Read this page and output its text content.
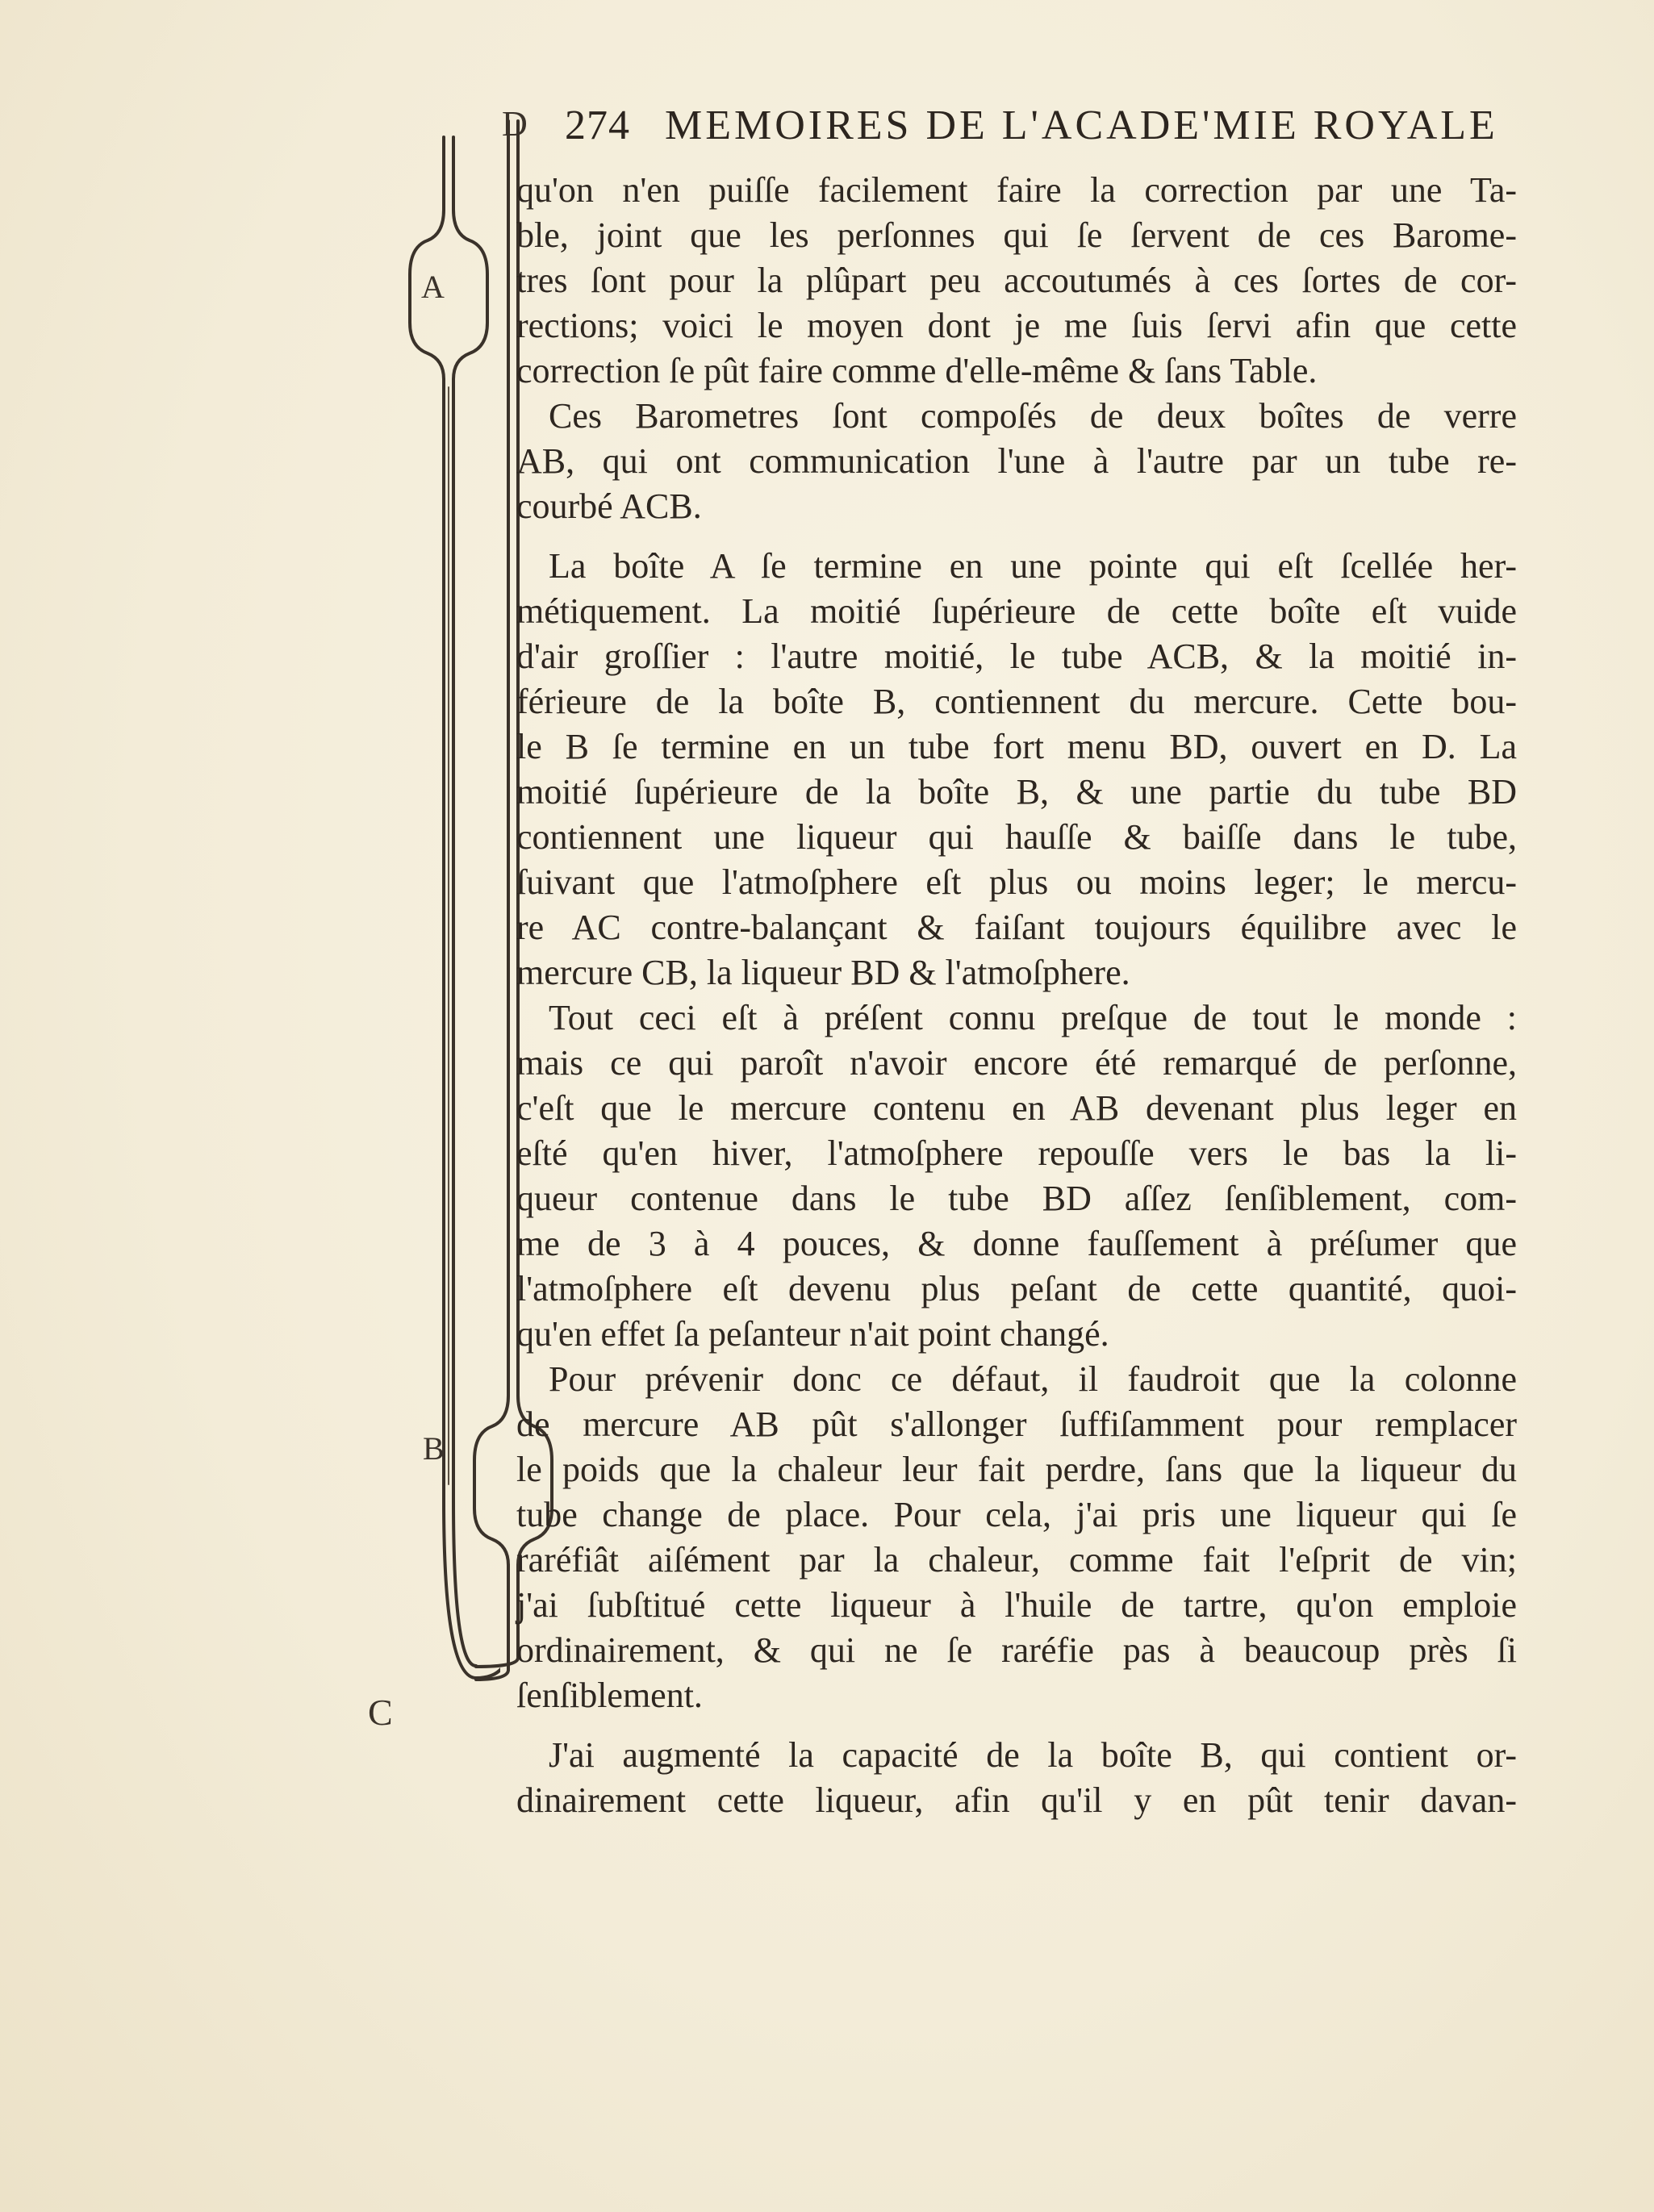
D
A
B
C
274 MEMOIRES DE L'ACADE'MIE ROYALE
qu'on n'en puiſſe facilement faire la correction par une Ta-
ble, joint que les perſonnes qui ſe ſervent de ces Barome-
tres ſont pour la plûpart peu accoutumés à ces ſortes de cor-
rections; voici le moyen dont je me ſuis ſervi afin que cette
correction ſe pût faire comme d'elle-même & ſans Table.
Ces Barometres ſont compoſés de deux boîtes de verre
AB, qui ont communication l'une à l'autre par un tube re-
courbé ACB.
La boîte A ſe termine en une pointe qui eſt ſcellée her-
métiquement. La moitié ſupérieure de cette boîte eſt vuide
d'air groſſier : l'autre moitié, le tube ACB, & la moitié in-
férieure de la boîte B, contiennent du mercure. Cette bou-
le B ſe termine en un tube fort menu BD, ouvert en D. La
moitié ſupérieure de la boîte B, & une partie du tube BD
contiennent une liqueur qui hauſſe & baiſſe dans le tube,
ſuivant que l'atmoſphere eſt plus ou moins leger; le mercu-
re AC contre-balançant & faiſant toujours équilibre avec le
mercure CB, la liqueur BD & l'atmoſphere.
Tout ceci eſt à préſent connu preſque de tout le monde :
mais ce qui paroît n'avoir encore été remarqué de perſonne,
c'eſt que le mercure contenu en AB devenant plus leger en
eſté qu'en hiver, l'atmoſphere repouſſe vers le bas la li-
queur contenue dans le tube BD aſſez ſenſiblement, com-
me de 3 à 4 pouces, & donne fauſſement à préſumer que
l'atmoſphere eſt devenu plus peſant de cette quantité, quoi-
qu'en effet ſa peſanteur n'ait point changé.
Pour prévenir donc ce défaut, il faudroit que la colonne
de mercure AB pût s'allonger ſuffiſamment pour remplacer
le poids que la chaleur leur fait perdre, ſans que la liqueur du
tube change de place. Pour cela, j'ai pris une liqueur qui ſe
raréfiât aiſément par la chaleur, comme fait l'eſprit de vin;
j'ai ſubſtitué cette liqueur à l'huile de tartre, qu'on emploie
ordinairement, & qui ne ſe raréfie pas à beaucoup près ſi
ſenſiblement.
J'ai augmenté la capacité de la boîte B, qui contient or-
dinairement cette liqueur, afin qu'il y en pût tenir davan-
